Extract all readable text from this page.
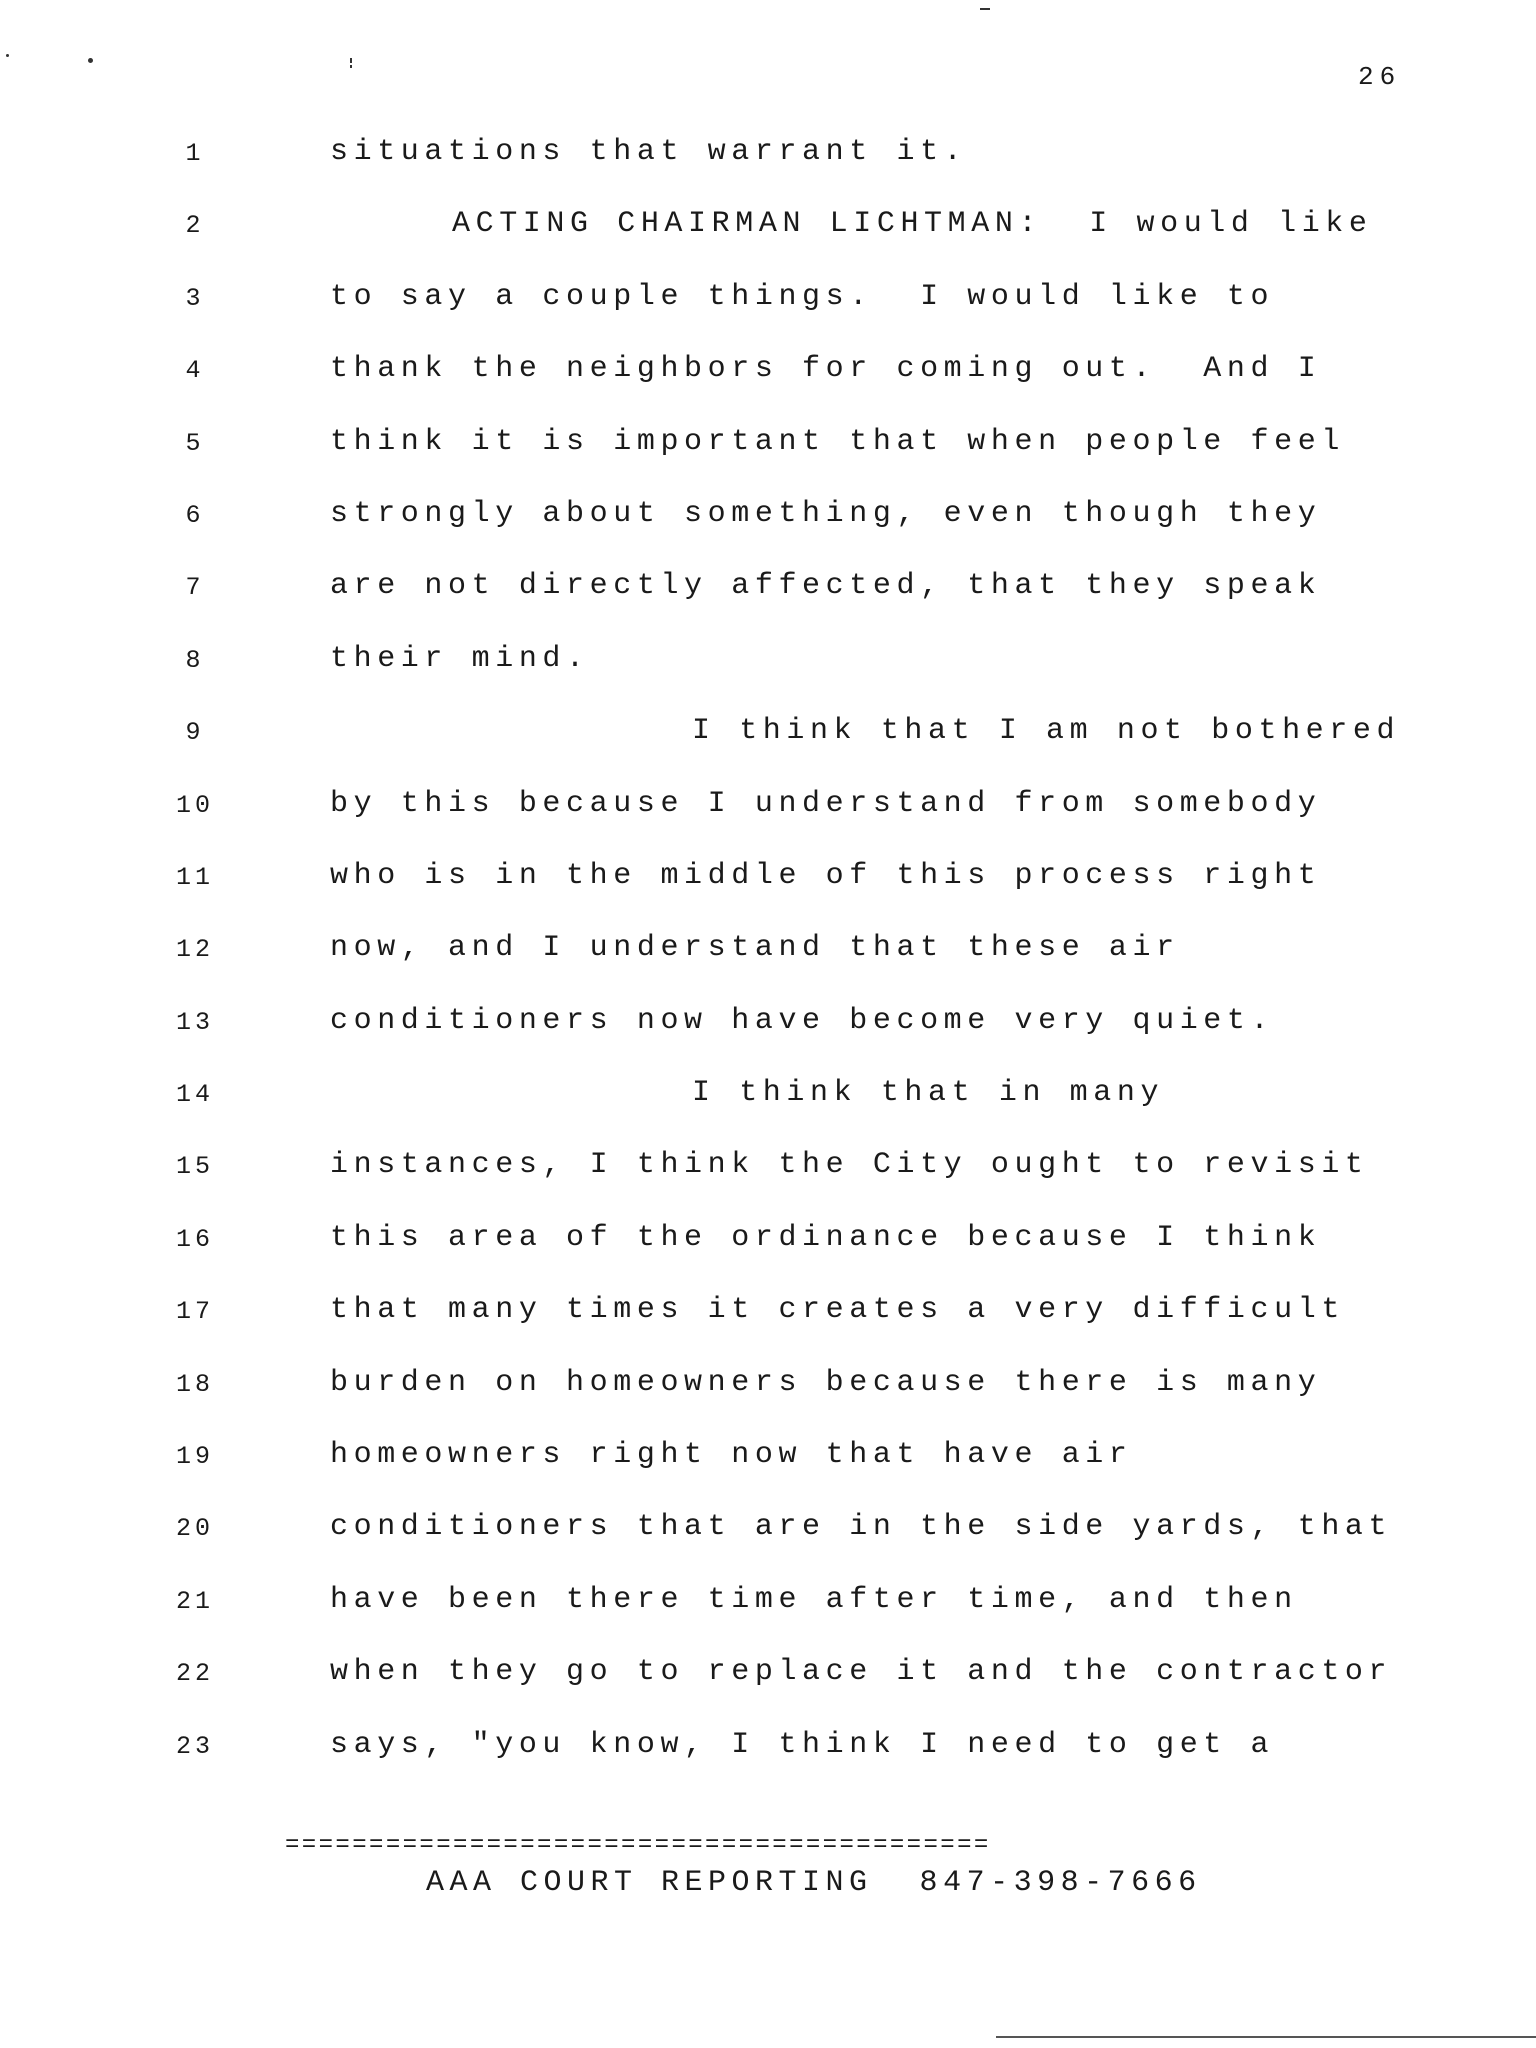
26
1	situations that warrant it.
2	ACTING CHAIRMAN LICHTMAN:  I would like
3	to say a couple things.  I would like to
4	thank the neighbors for coming out.  And I
5	think it is important that when people feel
6	strongly about something, even though they
7	are not directly affected, that they speak
8	their mind.
9	I think that I am not bothered
10	by this because I understand from somebody
11	who is in the middle of this process right
12	now, and I understand that these air
13	conditioners now have become very quiet.
14	I think that in many
15	instances, I think the City ought to revisit
16	this area of the ordinance because I think
17	that many times it creates a very difficult
18	burden on homeowners because there is many
19	homeowners right now that have air
20	conditioners that are in the side yards, that
21	have been there time after time, and then
22	when they go to replace it and the contractor
23	says, "you know, I think I need to get a
==========================================
AAA COURT REPORTING  847-398-7666
